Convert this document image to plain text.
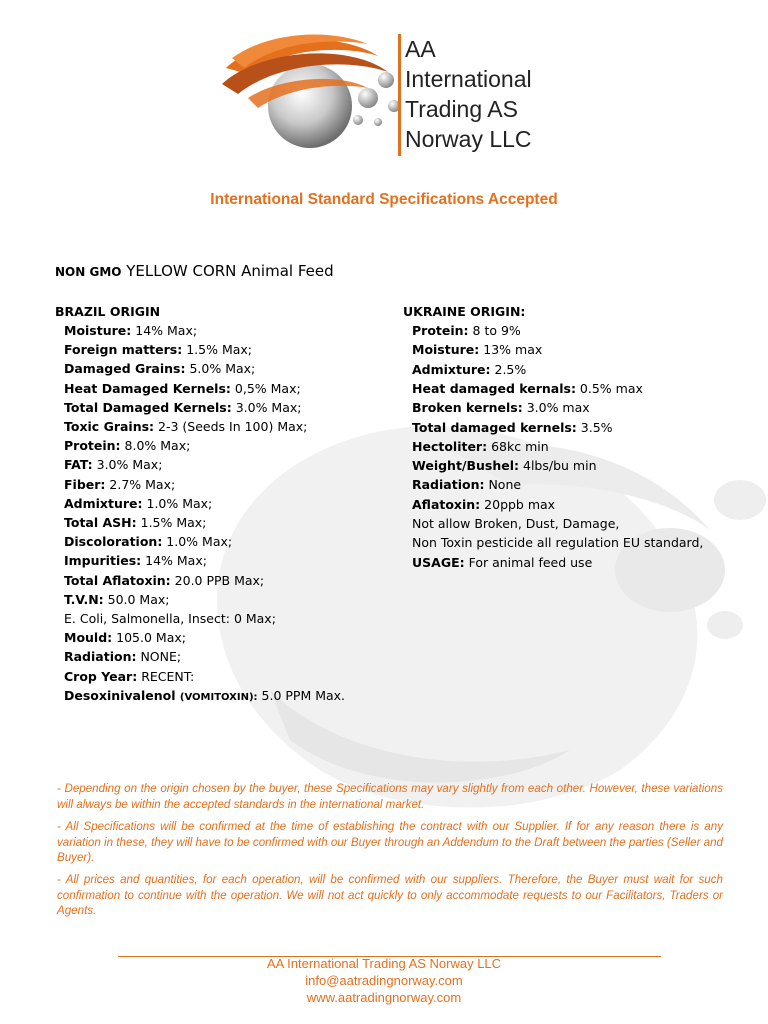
AA
International
Trading AS
Norway LLC
International Standard Specifications Accepted
NON GMO YELLOW CORN Animal Feed
BRAZIL ORIGIN
Moisture: 14% Max;
Foreign matters: 1.5% Max;
Damaged Grains: 5.0% Max;
Heat Damaged Kernels: 0,5% Max;
Total Damaged Kernels: 3.0% Max;
Toxic Grains: 2-3 (Seeds In 100) Max;
Protein: 8.0% Max;
FAT: 3.0% Max;
Fiber: 2.7% Max;
Admixture: 1.0% Max;
Total ASH: 1.5% Max;
Discoloration: 1.0% Max;
Impurities: 14% Max;
Total Aflatoxin: 20.0 PPB Max;
T.V.N: 50.0 Max;
E. Coli, Salmonella, Insect: 0 Max;
Mould: 105.0 Max;
Radiation: NONE;
Crop Year: RECENT:
Desoxinivalenol (VOMITOXIN): 5.0 PPM Max.
UKRAINE ORIGIN:
Protein: 8 to 9%
Moisture: 13% max
Admixture: 2.5%
Heat damaged kernals: 0.5% max
Broken kernels: 3.0% max
Total damaged kernels: 3.5%
Hectoliter: 68kc min
Weight/Bushel: 4lbs/bu min
Radiation: None
Aflatoxin: 20ppb max
Not allow Broken, Dust, Damage,
Non Toxin pesticide all regulation EU standard,
USAGE: For animal feed use
- Depending on the origin chosen by the buyer, these Specifications may vary slightly from each other. However, these variations will always be within the accepted standards in the international market.
- All Specifications will be confirmed at the time of establishing the contract with our Supplier. If for any reason there is any variation in these, they will have to be confirmed with our Buyer through an Addendum to the Draft between the parties (Seller and Buyer).
- All prices and quantities, for each operation, will be confirmed with our suppliers. Therefore, the Buyer must wait for such confirmation to continue with the operation. We will not act quickly to only accommodate requests to our Facilitators, Traders or Agents.
AA International Trading AS Norway LLC
info@aatradingnorway.com
www.aatradingnorway.com
